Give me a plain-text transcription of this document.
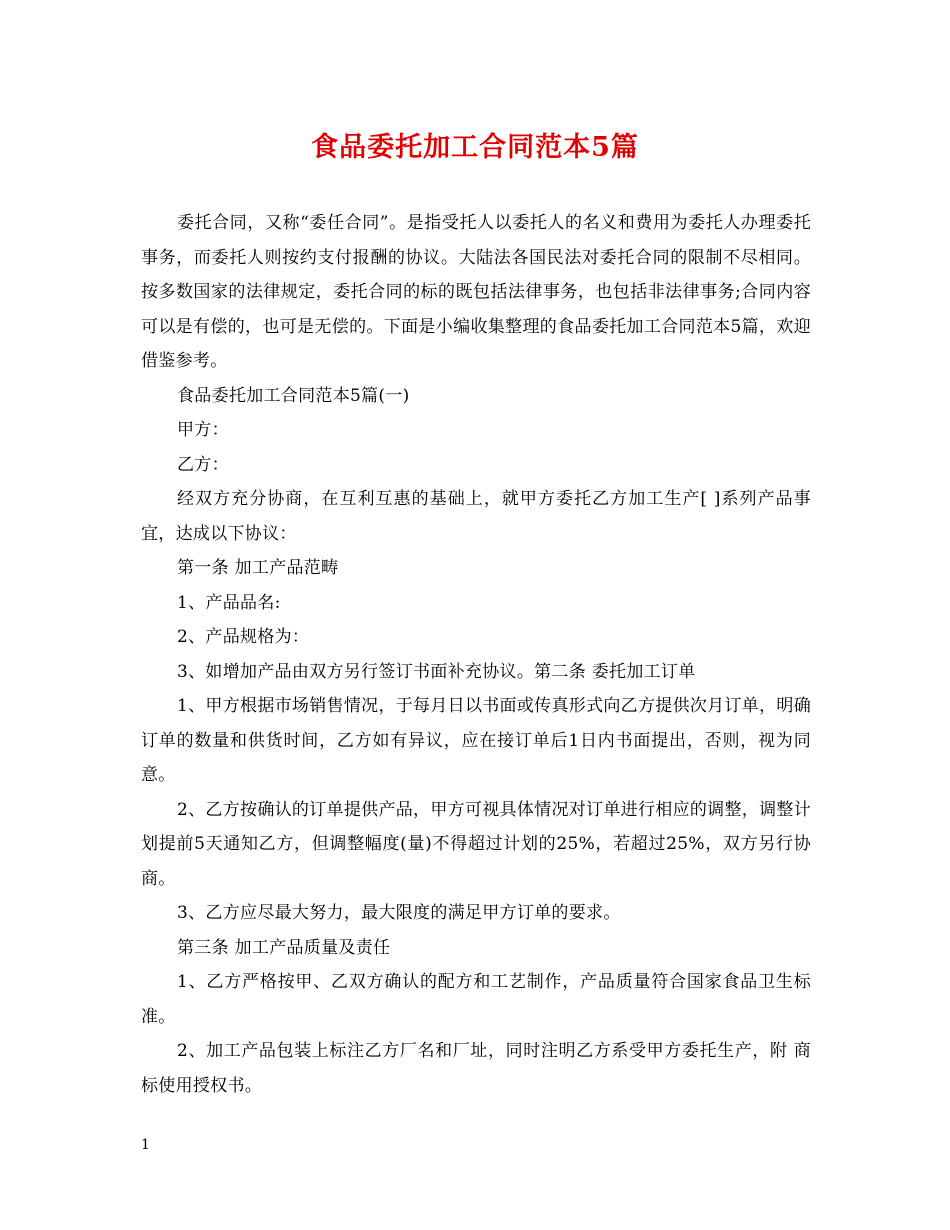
食品委托加工合同范本5篇

委托合同，又称“委任合同”。是指受托人以委托人的名义和费用为委托人办理委托事务，而委托人则按约支付报酬的协议。大陆法各国民法对委托合同的限制不尽相同。按多数国家的法律规定，委托合同的标的既包括法律事务，也包括非法律事务;合同内容可以是有偿的，也可是无偿的。下面是小编收集整理的食品委托加工合同范本5篇，欢迎借鉴参考。

食品委托加工合同范本5篇(一)

甲方：

乙方：

经双方充分协商，在互利互惠的基础上，就甲方委托乙方加工生产[ ]系列产品事宜，达成以下协议：

第一条 加工产品范畴

1、产品品名:

2、产品规格为：

3、如增加产品由双方另行签订书面补充协议。第二条 委托加工订单

1、甲方根据市场销售情况，于每月日以书面或传真形式向乙方提供次月订单，明确订单的数量和供货时间，乙方如有异议，应在接订单后1日内书面提出，否则，视为同意。

2、乙方按确认的订单提供产品，甲方可视具体情况对订单进行相应的调整，调整计划提前5天通知乙方，但调整幅度(量)不得超过计划的25%，若超过25%，双方另行协商。

3、乙方应尽最大努力，最大限度的满足甲方订单的要求。

第三条 加工产品质量及责任

1、乙方严格按甲、乙双方确认的配方和工艺制作，产品质量符合国家食品卫生标准。

2、加工产品包装上标注乙方厂名和厂址，同时注明乙方系受甲方委托生产，附 商标使用授权书。

1
